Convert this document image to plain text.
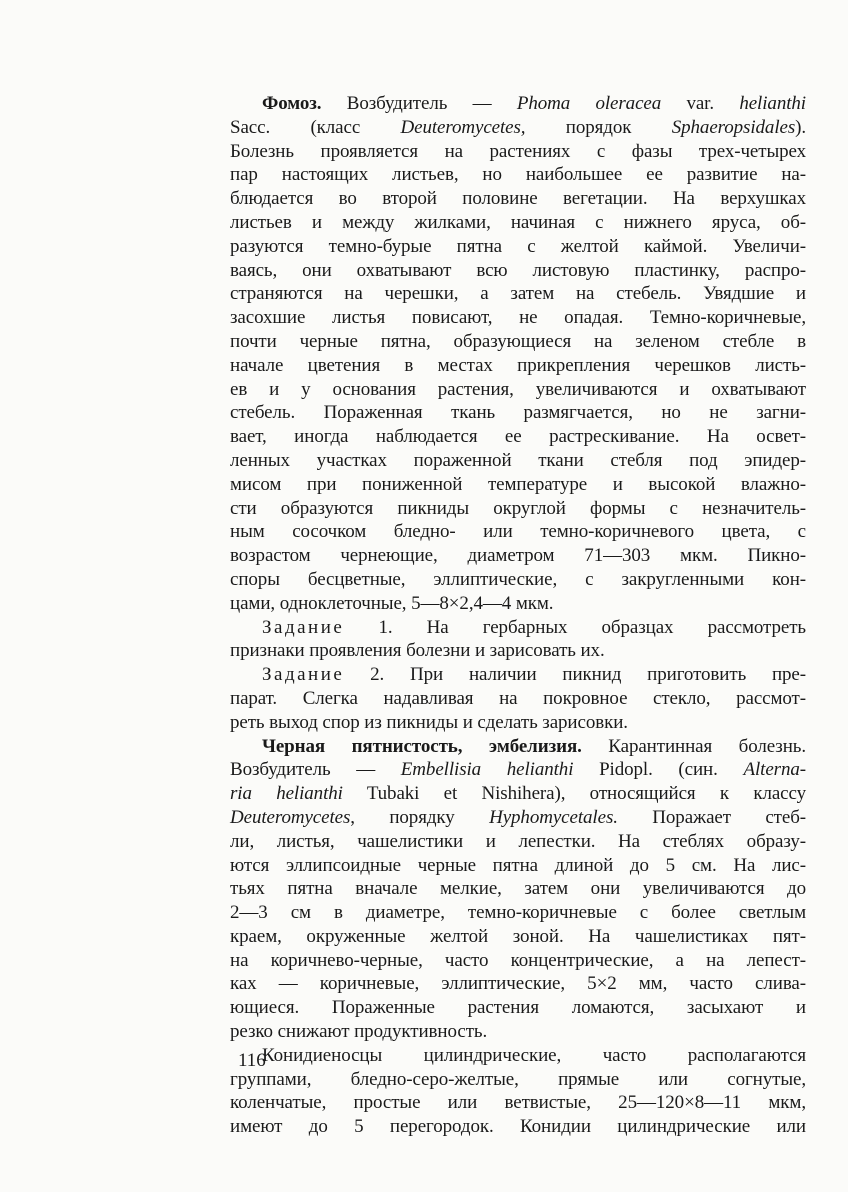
Фомоз. Возбудитель — Phoma oleracea var. helianthi
Sacc. (класс Deuteromycetes, порядок Sphaeropsidales).
Болезнь проявляется на растениях с фазы трех-четырех
пар настоящих листьев, но наибольшее ее развитие на-
блюдается во второй половине вегетации. На верхушках
листьев и между жилками, начиная с нижнего яруса, об-
разуются темно-бурые пятна с желтой каймой. Увеличи-
ваясь, они охватывают всю листовую пластинку, распро-
страняются на черешки, а затем на стебель. Увядшие и
засохшие листья повисают, не опадая. Темно-коричневые,
почти черные пятна, образующиеся на зеленом стебле в
начале цветения в местах прикрепления черешков листь-
ев и у основания растения, увеличиваются и охватывают
стебель. Пораженная ткань размягчается, но не загни-
вает, иногда наблюдается ее растрескивание. На освет-
ленных участках пораженной ткани стебля под эпидер-
мисом при пониженной температуре и высокой влажно-
сти образуются пикниды округлой формы с незначитель-
ным сосочком бледно- или темно-коричневого цвета, с
возрастом чернеющие, диаметром 71—303 мкм. Пикно-
споры бесцветные, эллиптические, с закругленными кон-
цами, одноклеточные, 5—8×2,4—4 мкм.
Задание 1. На гербарных образцах рассмотреть
признаки проявления болезни и зарисовать их.
Задание 2. При наличии пикнид приготовить пре-
парат. Слегка надавливая на покровное стекло, рассмот-
реть выход спор из пикниды и сделать зарисовки.
Черная пятнистость, эмбелизия. Карантинная болезнь.
Возбудитель — Embellisia helianthi Pidopl. (син. Alternа-
ria helianthi Tubaki et Nishihera), относящийся к классу
Deuteromycetes, порядку Hyphomycetales. Поражает стеб-
ли, листья, чашелистики и лепестки. На стеблях образу-
ются эллипсоидные черные пятна длиной до 5 см. На лис-
тьях пятна вначале мелкие, затем они увеличиваются до
2—3 см в диаметре, темно-коричневые с более светлым
краем, окруженные желтой зоной. На чашелистиках пят-
на коричнево-черные, часто концентрические, а на лепест-
ках — коричневые, эллиптические, 5×2 мм, часто слива-
ющиеся. Пораженные растения ломаются, засыхают и
резко снижают продуктивность.
Конидиеносцы цилиндрические, часто располагаются
группами, бледно-серо-желтые, прямые или согнутые,
коленчатые, простые или ветвистые, 25—120×8—11 мкм,
имеют до 5 перегородок. Конидии цилиндрические или
116
